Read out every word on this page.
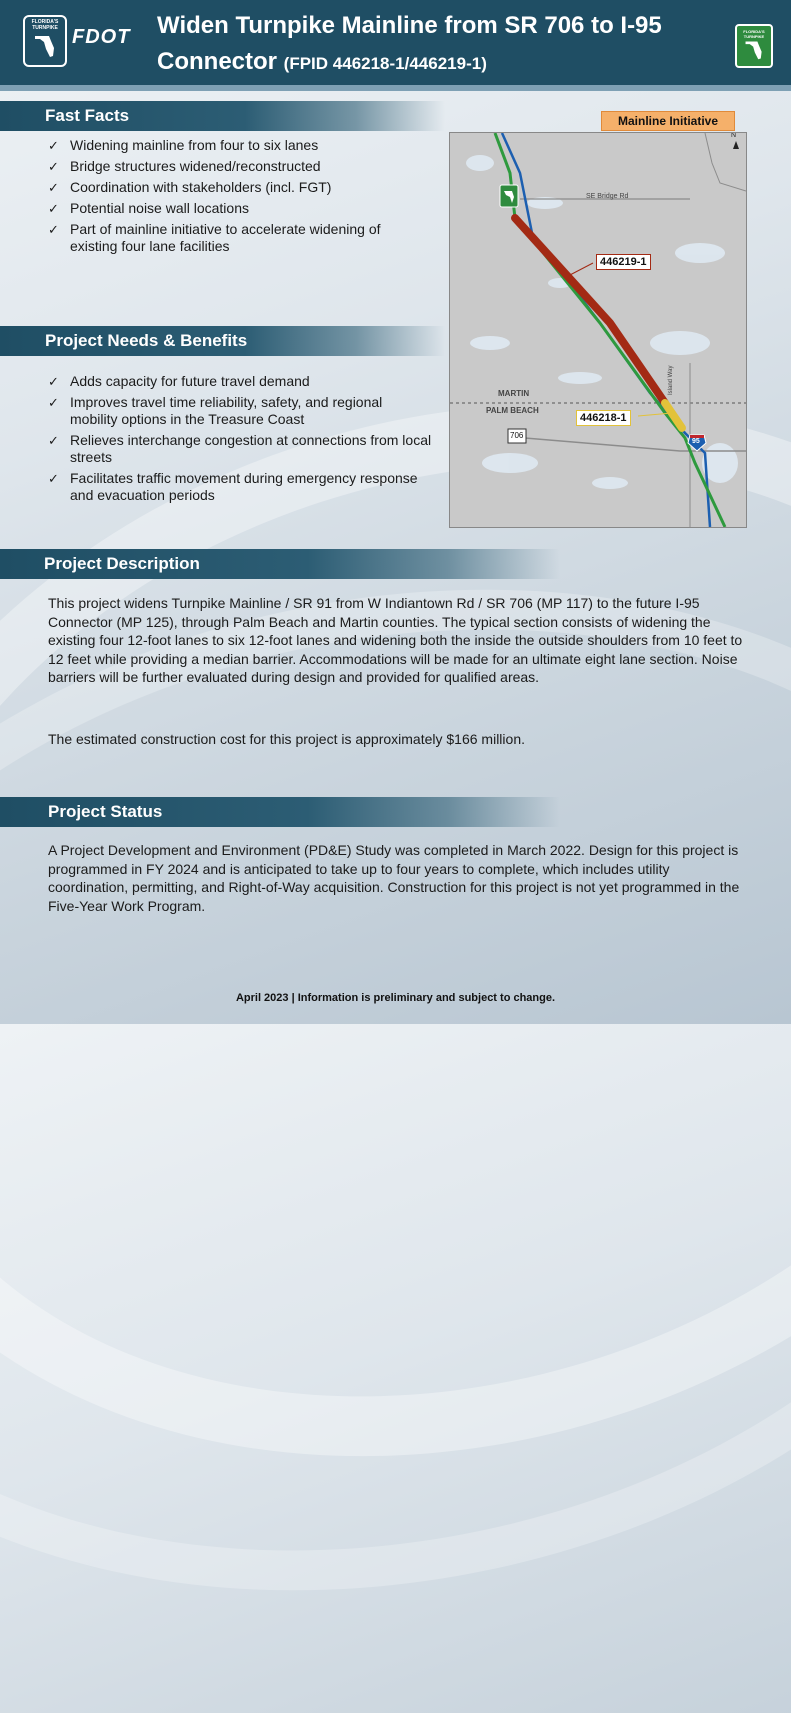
FLORIDA'S TURNPIKE FDOT Widen Turnpike Mainline from SR 706 to I-95
Connector (FPID 446218-1/446219-1)
FLORIDA'S TURNPIKE
Fast Facts
✓ Widening mainline from four to six lanes
✓ Bridge structures widened/reconstructed
✓ Coordination with stakeholders (incl. FGT)
✓ Potential noise wall locations
✓ Part of mainline initiative to accelerate widening of existing four lane facilities
Project Needs & Benefits
✓ Adds capacity for future travel demand
✓ Improves travel time reliability, safety, and regional mobility options in the Treasure Coast
✓ Relieves interchange congestion at connections from local streets
✓ Facilitates traffic movement during emergency response and evacuation periods
Mainline Initiative
N
SE Bridge Rd
446219-1
MARTIN
PALM BEACH
446218-1
706
95
Island Way
Project Description
This project widens Turnpike Mainline / SR 91 from W Indiantown Rd / SR 706 (MP 117) to the future I-95 Connector (MP 125), through Palm Beach and Martin counties. The typical section consists of widening the existing four 12-foot lanes to six 12-foot lanes and widening both the inside the outside shoulders from 10 feet to 12 feet while providing a median barrier. Accommodations will be made for an ultimate eight lane section. Noise barriers will be further evaluated during design and provided for qualified areas.
The estimated construction cost for this project is approximately $166 million.
Project Status
A Project Development and Environment (PD&E) Study was completed in March 2022. Design for this project is programmed in FY 2024 and is anticipated to take up to four years to complete, which includes utility coordination, permitting, and Right-of-Way acquisition. Construction for this project is not yet programmed in the Five-Year Work Program.
April 2023 | Information is preliminary and subject to change.
